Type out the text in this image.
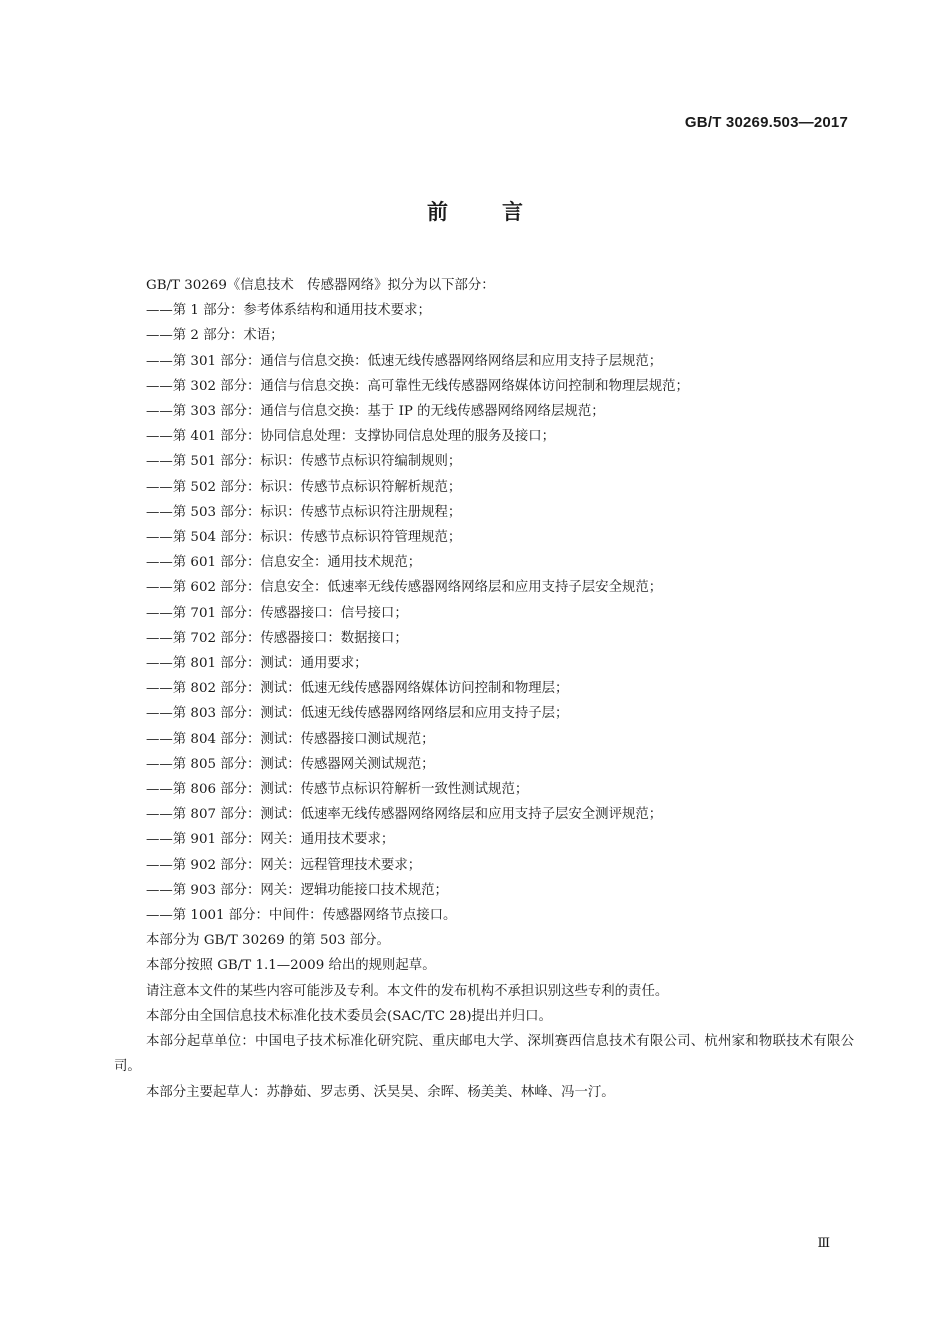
GB/T 30269.503—2017
前言

GB/T 30269《信息技术　传感器网络》拟分为以下部分：

——第 1 部分：参考体系结构和通用技术要求；

——第 2 部分：术语；

——第 301 部分：通信与信息交换：低速无线传感器网络网络层和应用支持子层规范；

——第 302 部分：通信与信息交换：高可靠性无线传感器网络媒体访问控制和物理层规范；

——第 303 部分：通信与信息交换：基于 IP 的无线传感器网络网络层规范；

——第 401 部分：协同信息处理：支撑协同信息处理的服务及接口；

——第 501 部分：标识：传感节点标识符编制规则；

——第 502 部分：标识：传感节点标识符解析规范；

——第 503 部分：标识：传感节点标识符注册规程；

——第 504 部分：标识：传感节点标识符管理规范；

——第 601 部分：信息安全：通用技术规范；

——第 602 部分：信息安全：低速率无线传感器网络网络层和应用支持子层安全规范；

——第 701 部分：传感器接口：信号接口；

——第 702 部分：传感器接口：数据接口；

——第 801 部分：测试：通用要求；

——第 802 部分：测试：低速无线传感器网络媒体访问控制和物理层；

——第 803 部分：测试：低速无线传感器网络网络层和应用支持子层；

——第 804 部分：测试：传感器接口测试规范；

——第 805 部分：测试：传感器网关测试规范；

——第 806 部分：测试：传感节点标识符解析一致性测试规范；

——第 807 部分：测试：低速率无线传感器网络网络层和应用支持子层安全测评规范；

——第 901 部分：网关：通用技术要求；

——第 902 部分：网关：远程管理技术要求；

——第 903 部分：网关：逻辑功能接口技术规范；

——第 1001 部分：中间件：传感器网络节点接口。

本部分为 GB/T 30269 的第 503 部分。

本部分按照 GB/T 1.1—2009 给出的规则起草。

请注意本文件的某些内容可能涉及专利。本文件的发布机构不承担识别这些专利的责任。

本部分由全国信息技术标准化技术委员会(SAC/TC 28)提出并归口。

本部分起草单位：中国电子技术标准化研究院、重庆邮电大学、深圳赛西信息技术有限公司、杭州家和物联技术有限公司。

本部分主要起草人：苏静茹、罗志勇、沃昊昊、余晖、杨美美、林峰、冯一汀。

Ⅲ
